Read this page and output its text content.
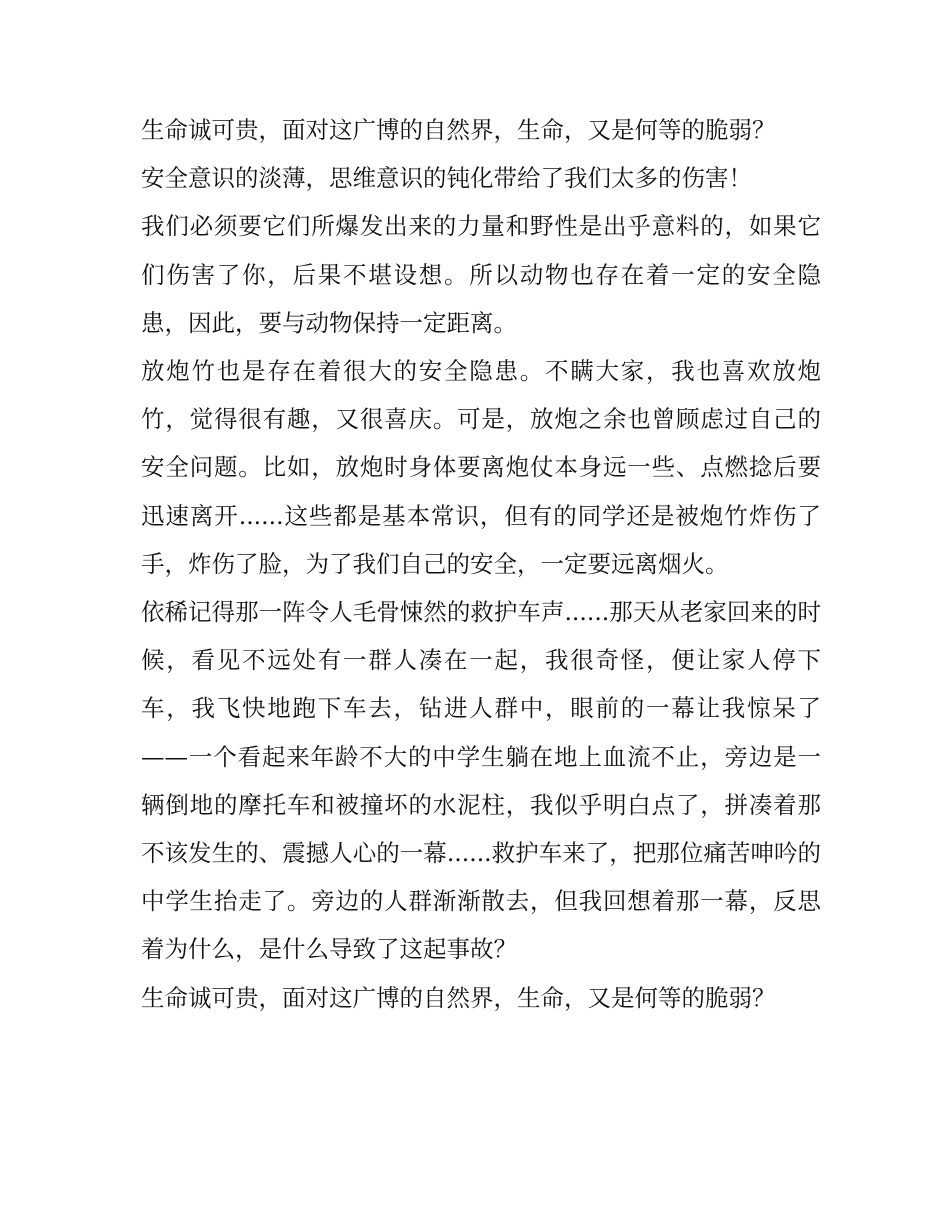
生命诚可贵，面对这广博的自然界，生命，又是何等的脆弱？

安全意识的淡薄，思维意识的钝化带给了我们太多的伤害！

我们必须要它们所爆发出来的力量和野性是出乎意料的，如果它们伤害了你，后果不堪设想。所以动物也存在着一定的安全隐患，因此，要与动物保持一定距离。

放炮竹也是存在着很大的安全隐患。不瞒大家，我也喜欢放炮竹，觉得很有趣，又很喜庆。可是，放炮之余也曾顾虑过自己的安全问题。比如，放炮时身体要离炮仗本身远一些、点燃捻后要迅速离开......这些都是基本常识，但有的同学还是被炮竹炸伤了手，炸伤了脸，为了我们自己的安全，一定要远离烟火。

依稀记得那一阵令人毛骨悚然的救护车声......那天从老家回来的时候，看见不远处有一群人凑在一起，我很奇怪，便让家人停下车，我飞快地跑下车去，钻进人群中，眼前的一幕让我惊呆了——一个看起来年龄不大的中学生躺在地上血流不止，旁边是一辆倒地的摩托车和被撞坏的水泥柱，我似乎明白点了，拼凑着那不该发生的、震撼人心的一幕......救护车来了，把那位痛苦呻吟的中学生抬走了。旁边的人群渐渐散去，但我回想着那一幕，反思着为什么，是什么导致了这起事故？

生命诚可贵，面对这广博的自然界，生命，又是何等的脆弱？
